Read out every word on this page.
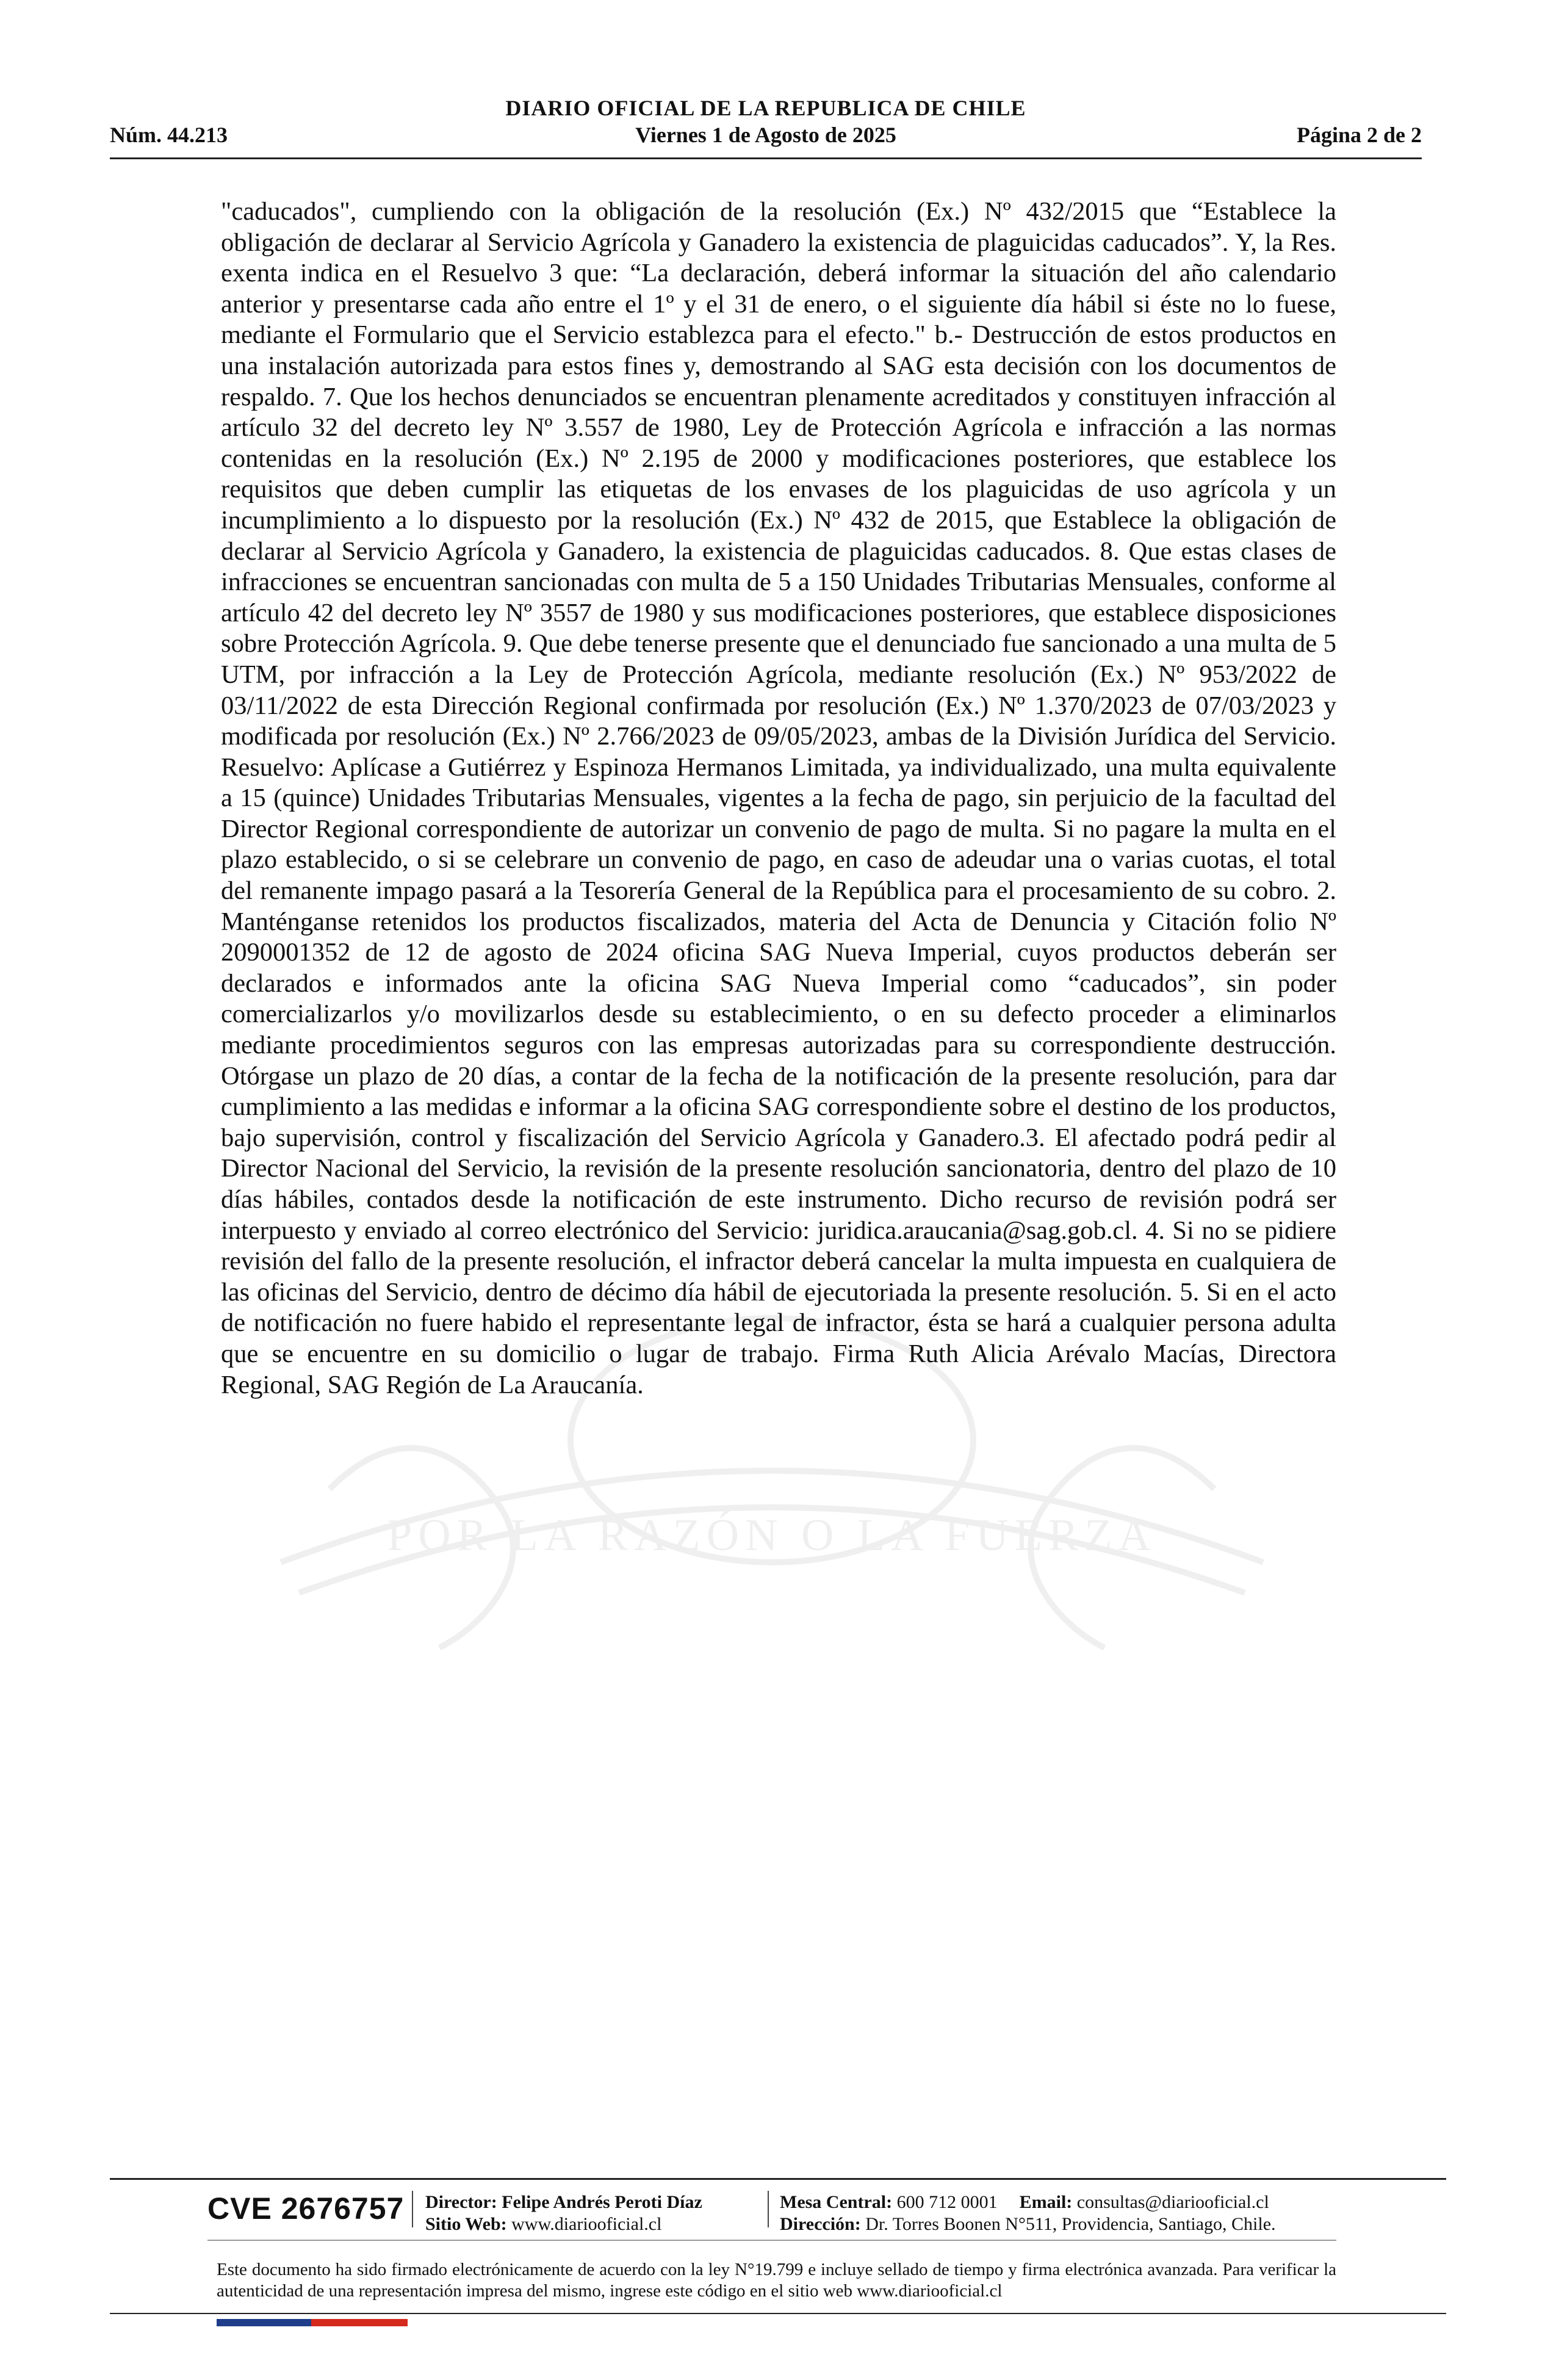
DIARIO OFICIAL DE LA REPUBLICA DE CHILE
Núm. 44.213	Viernes 1 de Agosto de 2025	Página 2 de 2
POR LA RAZÓN O LA FUERZA
"caducados", cumpliendo con la obligación de la resolución (Ex.) Nº 432/2015 que “Establece la obligación de declarar al Servicio Agrícola y Ganadero la existencia de plaguicidas caducados”. Y, la Res. exenta indica en el Resuelvo 3 que: “La declaración, deberá informar la situación del año calendario anterior y presentarse cada año entre el 1º y el 31 de enero, o el siguiente día hábil si éste no lo fuese, mediante el Formulario que el Servicio establezca para el efecto." b.- Destrucción de estos productos en una instalación autorizada para estos fines y, demostrando al SAG esta decisión con los documentos de respaldo. 7. Que los hechos denunciados se encuentran plenamente acreditados y constituyen infracción al artículo 32 del decreto ley Nº 3.557 de 1980, Ley de Protección Agrícola e infracción a las normas contenidas en la resolución (Ex.) Nº 2.195 de 2000 y modificaciones posteriores, que establece los requisitos que deben cumplir las etiquetas de los envases de los plaguicidas de uso agrícola y un incumplimiento a lo dispuesto por la resolución (Ex.) Nº 432 de 2015, que Establece la obligación de declarar al Servicio Agrícola y Ganadero, la existencia de plaguicidas caducados. 8. Que estas clases de infracciones se encuentran sancionadas con multa de 5 a 150 Unidades Tributarias Mensuales, conforme al artículo 42 del decreto ley Nº 3557 de 1980 y sus modificaciones posteriores, que establece disposiciones sobre Protección Agrícola. 9. Que debe tenerse presente que el denunciado fue sancionado a una multa de 5 UTM, por infracción a la Ley de Protección Agrícola, mediante resolución (Ex.) Nº 953/2022 de 03/11/2022 de esta Dirección Regional confirmada por resolución (Ex.) Nº 1.370/2023 de 07/03/2023 y modificada por resolución (Ex.) Nº 2.766/2023 de 09/05/2023, ambas de la División Jurídica del Servicio. Resuelvo: Aplícase a Gutiérrez y Espinoza Hermanos Limitada, ya individualizado, una multa equivalente a 15 (quince) Unidades Tributarias Mensuales, vigentes a la fecha de pago, sin perjuicio de la facultad del Director Regional correspondiente de autorizar un convenio de pago de multa. Si no pagare la multa en el plazo establecido, o si se celebrare un convenio de pago, en caso de adeudar una o varias cuotas, el total del remanente impago pasará a la Tesorería General de la República para el procesamiento de su cobro. 2. Manténganse retenidos los productos fiscalizados, materia del Acta de Denuncia y Citación folio Nº 2090001352 de 12 de agosto de 2024 oficina SAG Nueva Imperial, cuyos productos deberán ser declarados e informados ante la oficina SAG Nueva Imperial como “caducados”, sin poder comercializarlos y/o movilizarlos desde su establecimiento, o en su defecto proceder a eliminarlos mediante procedimientos seguros con las empresas autorizadas para su correspondiente destrucción. Otórgase un plazo de 20 días, a contar de la fecha de la notificación de la presente resolución, para dar cumplimiento a las medidas e informar a la oficina SAG correspondiente sobre el destino de los productos, bajo supervisión, control y fiscalización del Servicio Agrícola y Ganadero.3. El afectado podrá pedir al Director Nacional del Servicio, la revisión de la presente resolución sancionatoria, dentro del plazo de 10 días hábiles, contados desde la notificación de este instrumento. Dicho recurso de revisión podrá ser interpuesto y enviado al correo electrónico del Servicio: juridica.araucania@sag.gob.cl. 4. Si no se pidiere revisión del fallo de la presente resolución, el infractor deberá cancelar la multa impuesta en cualquiera de las oficinas del Servicio, dentro de décimo día hábil de ejecutoriada la presente resolución. 5. Si en el acto de notificación no fuere habido el representante legal de infractor, ésta se hará a cualquier persona adulta que se encuentre en su domicilio o lugar de trabajo. Firma Ruth Alicia Arévalo Macías, Directora Regional, SAG Región de La Araucanía.
CVE 2676757 Director: Felipe Andrés Peroti Díaz
Sitio Web: www.diariooficial.cl
Mesa Central: 600 712 0001 Email: consultas@diariooficial.cl
Dirección: Dr. Torres Boonen N°511, Providencia, Santiago, Chile.
Este documento ha sido firmado electrónicamente de acuerdo con la ley N°19.799 e incluye sellado de tiempo y firma electrónica avanzada. Para verificar la autenticidad de una representación impresa del mismo, ingrese este código en el sitio web www.diariooficial.cl
